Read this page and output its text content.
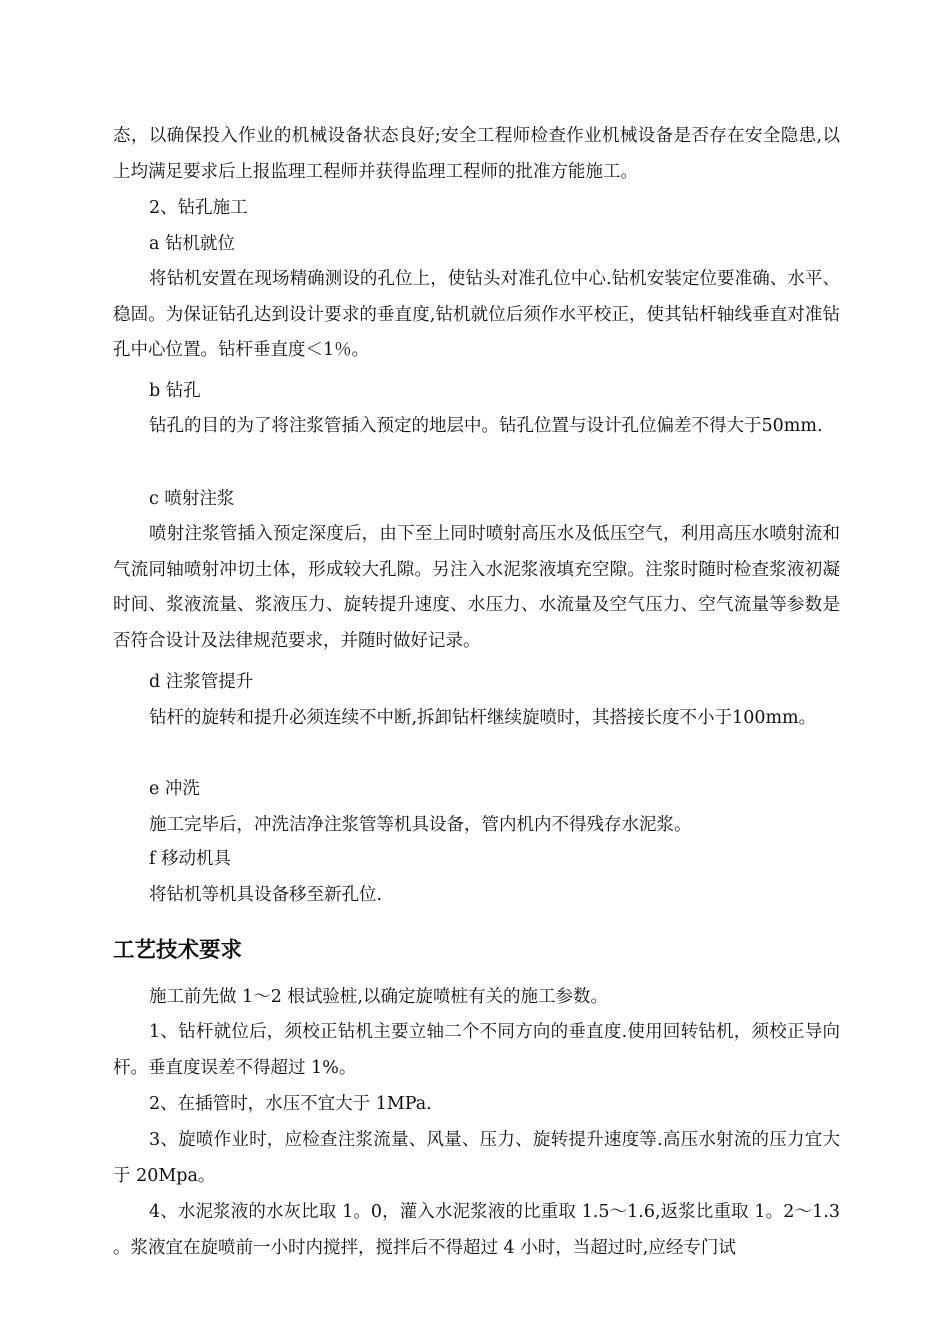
态，以确保投入作业的机械设备状态良好;安全工程师检查作业机械设备是否存在安全隐患,以上均满足要求后上报监理工程师并获得监理工程师的批准方能施工。

2、钻孔施工

a 钻机就位

将钻机安置在现场精确测设的孔位上，使钻头对准孔位中心.钻机安装定位要准确、水平、稳固。为保证钻孔达到设计要求的垂直度,钻机就位后须作水平校正，使其钻杆轴线垂直对准钻孔中心位置。钻杆垂直度＜1％。

b 钻孔

钻孔的目的为了将注浆管插入预定的地层中。钻孔位置与设计孔位偏差不得大于50mm.

c 喷射注浆

喷射注浆管插入预定深度后，由下至上同时喷射高压水及低压空气，利用高压水喷射流和气流同轴喷射冲切土体，形成较大孔隙。另注入水泥浆液填充空隙。注浆时随时检查浆液初凝时间、浆液流量、浆液压力、旋转提升速度、水压力、水流量及空气压力、空气流量等参数是否符合设计及法律规范要求，并随时做好记录。

d 注浆管提升

钻杆的旋转和提升必须连续不中断,拆卸钻杆继续旋喷时，其搭接长度不小于100mm。

e 冲洗

施工完毕后，冲洗洁净注浆管等机具设备，管内机内不得残存水泥浆。

f 移动机具

将钻机等机具设备移至新孔位.

工艺技术要求

施工前先做 1～2 根试验桩,以确定旋喷桩有关的施工参数。

1、钻杆就位后，须校正钻机主要立轴二个不同方向的垂直度.使用回转钻机，须校正导向杆。垂直度误差不得超过 1%。

2、在插管时，水压不宜大于 1MPa.

3、旋喷作业时，应检查注浆流量、风量、压力、旋转提升速度等.高压水射流的压力宜大于 20Mpa。

4、水泥浆液的水灰比取 1。0，灌入水泥浆液的比重取 1.5～1.6,返浆比重取 1。2～1.3 。浆液宜在旋喷前一小时内搅拌，搅拌后不得超过 4 小时，当超过时,应经专门试
